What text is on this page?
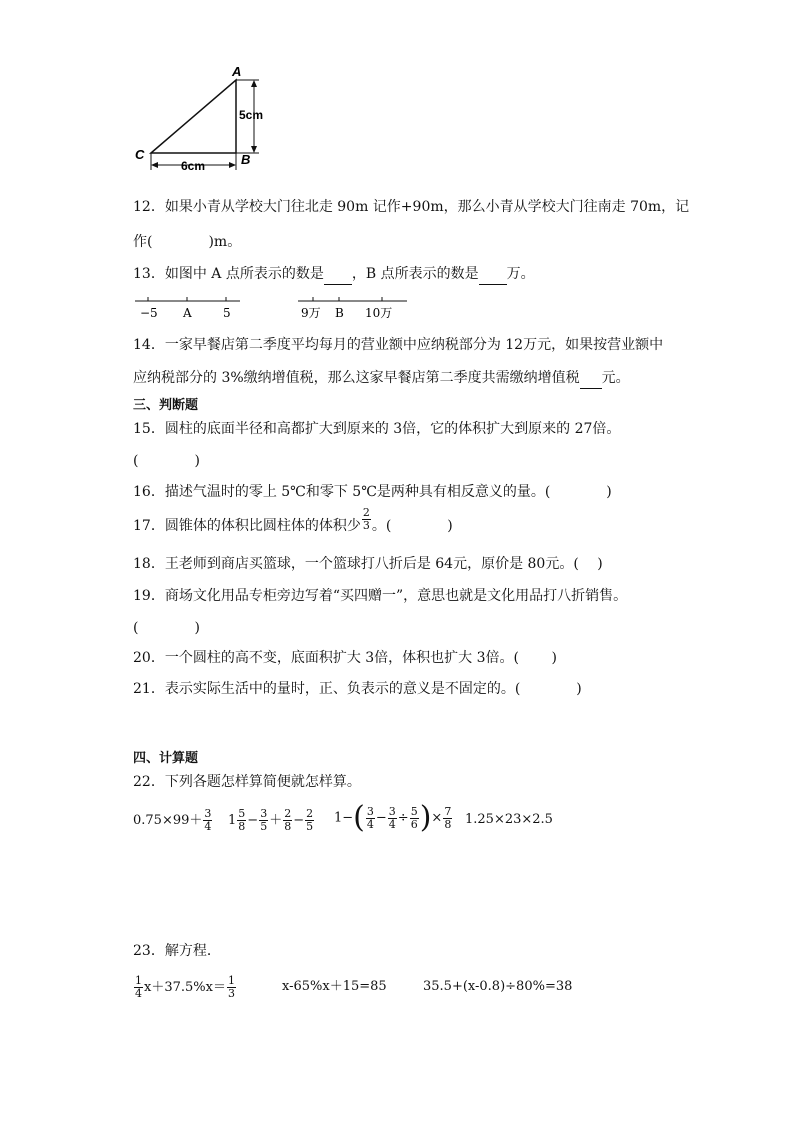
A
B
C
5cm
6cm
12．如果小青从学校大门往北走 90m 记作+90m，那么小青从学校大门往南走 70m，记
作(　　　　)m。
13．如图中 A 点所表示的数是 ，B 点所表示的数是 万。
−5 A	5	9万 B 10万
14．一家早餐店第二季度平均每月的营业额中应纳税部分为 12万元，如果按营业额中
应纳税部分的 3%缴纳增值税，那么这家早餐店第二季度共需缴纳增值税 元。
三、判断题
15．圆柱的底面半径和高都扩大到原来的 3倍，它的体积扩大到原来的 27倍。
(　　　　)
16．描述气温时的零上 5℃和零下 5℃是两种具有相反意义的量。(　　　　)
17．圆锥体的体积比圆柱体的体积少 $\frac{2}{3}$ 。(　　　　)
18．王老师到商店买篮球，一个篮球打八折后是 64元，原价是 80元。(　 )
19．商场文化用品专柜旁边写着“买四赠一”，意思也就是文化用品打八折销售。
(　　　　)
20．一个圆柱的高不变，底面积扩大 3倍，体积也扩大 3倍。(　　 )
21．表示实际生活中的量时，正、负表示的意义是不固定的。(　　　　)
四、计算题
22．下列各题怎样算简便就怎样算。
$0.75\times 99+ \frac{3}{4} 1 \frac{5}{8} - \frac{3}{5} + \frac{2}{8} - \frac{2}{5} 1-( \frac{3}{4} - \frac{3}{4} \div \frac{5}{6}$ )× $\frac{7}{8} 1.25\times 23\times 2.5$
23．解方程．
$\frac{1}{4} x+37.5\%x= \frac{1}{3}$	x-65%x＋15=85	35.5+(x-0.8)÷80%=38
